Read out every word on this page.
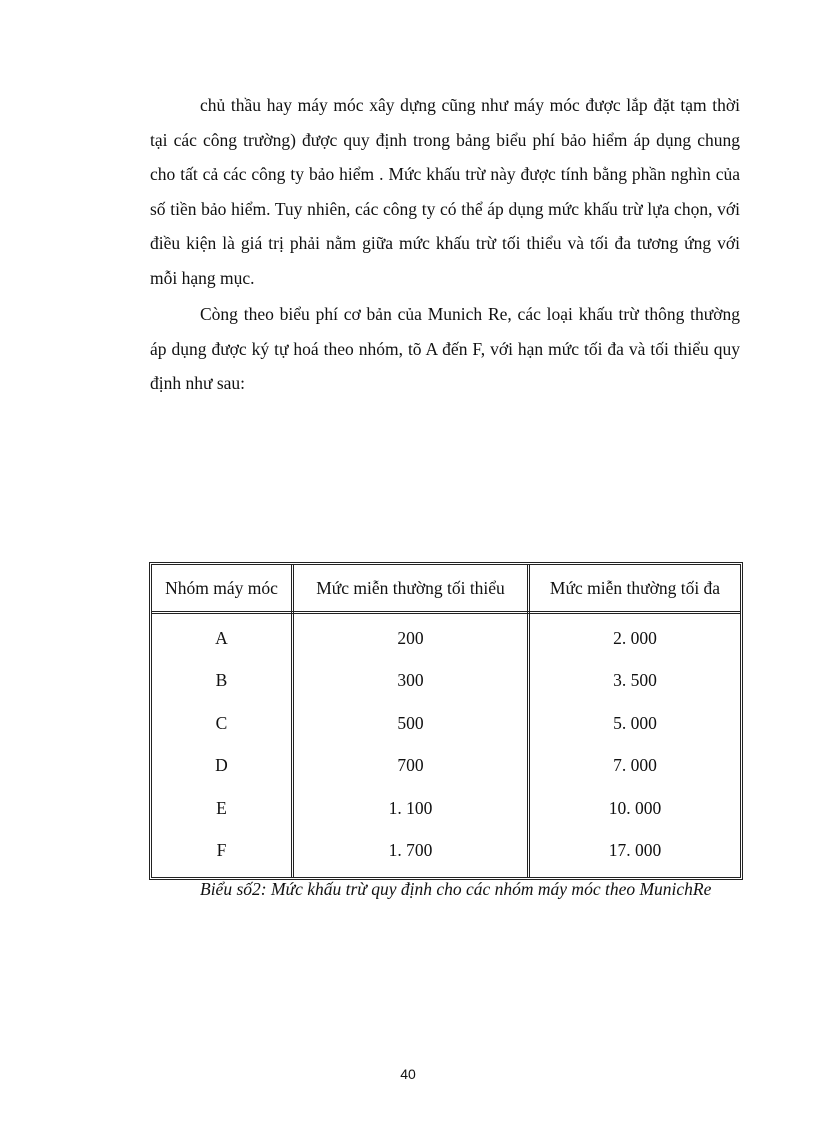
chủ thầu hay máy móc xây dựng cũng như máy móc được lắp đặt tạm thời tại các công trường) được quy định trong bảng biểu phí bảo hiểm áp dụng chung cho tất cả các công ty bảo hiểm . Mức khấu trừ này được tính bằng phần nghìn của số tiền bảo hiểm. Tuy nhiên, các công ty có thể áp dụng mức khấu trừ lựa chọn, với điều kiện là giá trị phải nằm giữa mức khấu trừ tối thiểu và tối đa tương ứng với mỗi hạng mục.

Còng theo biểu phí cơ bản của Munich Re, các loại khấu trừ thông thường áp dụng được ký tự hoá theo nhóm, tõ A đến F, với hạn mức tối đa và tối thiểu quy định như sau:

Nhóm máy móc	Mức miễn thường tối thiểu	Mức miễn thường tối đa
A	200	2. 000
B	300	3. 500
C	500	5. 000
D	700	7. 000
E	1. 100	10. 000
F	1. 700	17. 000

Biểu số2: Mức khấu trừ quy định cho các nhóm máy móc theo MunichRe

40
